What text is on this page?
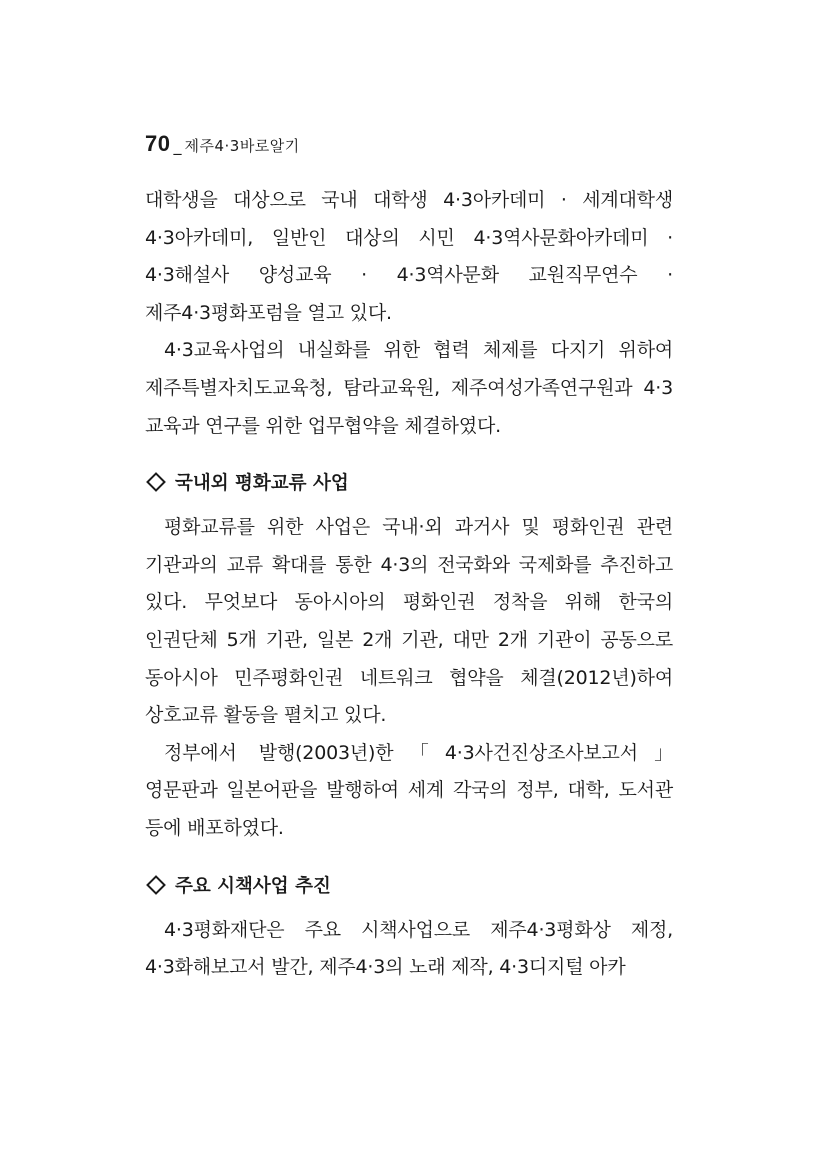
70 _ 제주4·3바로알기

대학생을 대상으로 국내 대학생 4·3아카데미 · 세계대학생 4·3아카데미, 일반인 대상의 시민 4·3역사문화아카데미 · 4·3해설사 양성교육 · 4·3역사문화 교원직무연수 · 제주4·3평화포럼을 열고 있다.

4·3교육사업의 내실화를 위한 협력 체제를 다지기 위하여 제주특별자치도교육청, 탐라교육원, 제주여성가족연구원과 4·3 교육과 연구를 위한 업무협약을 체결하였다.

국내외 평화교류 사업

평화교류를 위한 사업은 국내·외 과거사 및 평화인권 관련 기관과의 교류 확대를 통한 4·3의 전국화와 국제화를 추진하고 있다. 무엇보다 동아시아의 평화인권 정착을 위해 한국의 인권단체 5개 기관, 일본 2개 기관, 대만 2개 기관이 공동으로 동아시아 민주평화인권 네트워크 협약을 체결(2012년)하여 상호교류 활동을 펼치고 있다.

정부에서 발행(2003년)한「4·3사건진상조사보고서」영문판과 일본어판을 발행하여 세계 각국의 정부, 대학, 도서관 등에 배포하였다.

주요 시책사업 추진

4·3평화재단은 주요 시책사업으로 제주4·3평화상 제정, 4·3화해보고서 발간, 제주4·3의 노래 제작, 4·3디지털 아카
